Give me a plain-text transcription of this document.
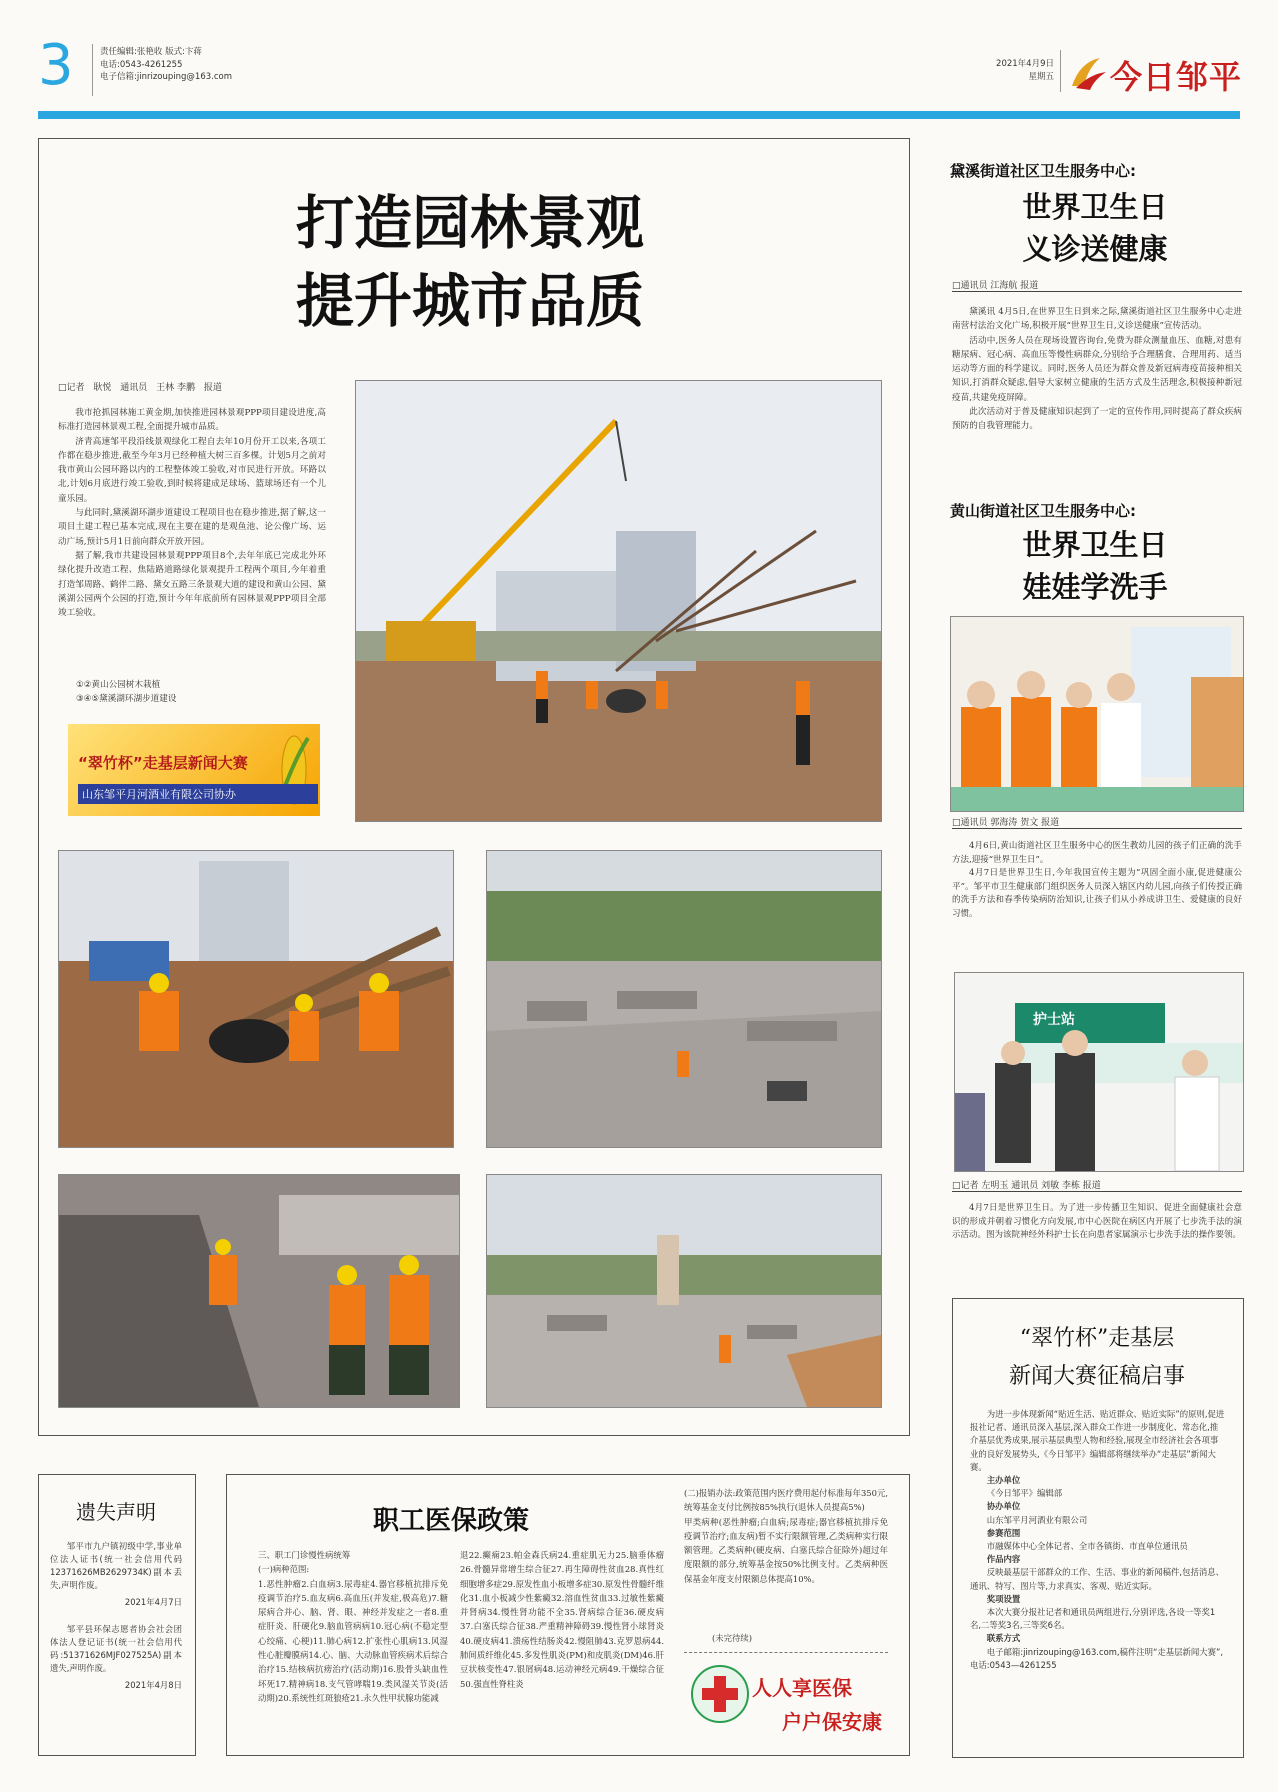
3	责任编辑:张艳收 版式:卞蒋
电话:0543-4261255
电子信箱:jinrizouping@163.com
2021年4月9日
星期五 今日邹平
打造园林景观
提升城市品质
□记者 耿悦 通讯员 王林 李鹏 报道

我市抢抓园林施工黄金期,加快推进园林景观PPP项目建设进度,高标准打造园林景观工程,全面提升城市品质。

济青高速邹平段沿线景观绿化工程自去年10月份开工以来,各项工作都在稳步推进,截至今年3月已经种植大树三百多棵。计划5月之前对我市黄山公园环路以内的工程整体竣工验收,对市民进行开放。环路以北,计划6月底进行竣工验收,到时候将建成足球场、篮球场还有一个儿童乐园。

与此同时,黛溪湖环湖步道建设工程项目也在稳步推进,据了解,这一项目土建工程已基本完成,现在主要在建的是观鱼池、论公像广场、运动广场,预计5月1日前向群众开放开园。

据了解,我市共建设园林景观PPP项目8个,去年年底已完成北外环绿化提升改造工程、焦陆路道路绿化景观提升工程两个项目,今年着重打造邹周路、鹤伴二路、黛女五路三条景观大道的建设和黄山公园、黛溪湖公园两个公园的打造,预计今年年底前所有园林景观PPP项目全部竣工验收。

①②黄山公园树木栽植
③④⑤黛溪湖环湖步道建设
“翠竹杯”走基层新闻大赛
山东邹平月河酒业有限公司协办
黛溪街道社区卫生服务中心:
世界卫生日
义诊送健康
□通讯员 江海航 报道

黛溪讯 4月5日,在世界卫生日到来之际,黛溪街道社区卫生服务中心走进南营村法治文化广场,积极开展“世界卫生日,义诊送健康”宣传活动。

活动中,医务人员在现场设置咨询台,免费为群众测量血压、血糖,对患有糖尿病、冠心病、高血压等慢性病群众,分别给予合理膳食、合理用药、适当运动等方面的科学建议。同时,医务人员还为群众普及新冠病毒疫苗接种相关知识,打消群众疑虑,倡导大家树立健康的生活方式及生活理念,积极接种新冠疫苗,共建免疫屏障。

此次活动对于普及健康知识起到了一定的宣传作用,同时提高了群众疾病预防的自我管理能力。

黄山街道社区卫生服务中心:
世界卫生日
娃娃学洗手
□通讯员 郭海涛 贺文 报道

4月6日,黄山街道社区卫生服务中心的医生教幼儿园的孩子们正确的洗手方法,迎接“世界卫生日”。

4月7日是世界卫生日,今年我国宣传主题为“巩固全面小康,促进健康公平”。邹平市卫生健康部门组织医务人员深入辖区内幼儿园,向孩子们传授正确的洗手方法和春季传染病防治知识,让孩子们从小养成讲卫生、爱健康的良好习惯。

护士站
□记者 左明玉 通讯员 刘敏 李栋 报道

4月7日是世界卫生日。为了进一步传播卫生知识、促进全面健康社会意识的形成并朝着习惯化方向发展,市中心医院在病区内开展了七步洗手法的演示活动。图为该院神经外科护士长在向患者家属演示七步洗手法的操作要领。

“翠竹杯”走基层
新闻大赛征稿启事
为进一步体现新闻“贴近生活、贴近群众、贴近实际”的原则,促进报社记者、通讯员深入基层,深入群众工作进一步制度化、常态化,推介基层优秀成果,展示基层典型人物和经验,展现全市经济社会各项事业的良好发展势头,《今日邹平》编辑部将继续举办“走基层”新闻大赛。
主办单位
《今日邹平》编辑部
协办单位
山东邹平月河酒业有限公司
参赛范围
市融媒体中心全体记者、全市各镇街、市直单位通讯员
作品内容
反映最基层干部群众的工作、生活、事业的新闻稿件,包括消息、通讯、特写、图片等,力求真实、客观、贴近实际。
奖项设置
本次大赛分报社记者和通讯员两组进行,分别评选,各设一等奖1名,二等奖3名,三等奖6名。
联系方式
电子邮箱:jinrizouping@163.com,稿件注明“走基层新闻大赛”,电话:0543—4261255
遗失声明
邹平市九户镇初级中学,事业单位法人证书(统一社会信用代码12371626MB2629734K)副本丢失,声明作废。
2021年4月7日
邹平县环保志愿者协会社会团体法人登记证书(统一社会信用代码:51371626MJF027525A)副本遗失,声明作废。
2021年4月8日
职工医保政策
三、职工门诊慢性病统筹
(一)病种范围:
1.恶性肿瘤2.白血病3.尿毒症4.器官移植抗排斥免疫调节治疗5.血友病6.高血压(并发症,极高危)7.糖尿病合并心、脑、肾、眼、神经并发症之一者8.重症肝炎、肝硬化9.脑血管病病10.冠心病(不稳定型心绞痛、心梗)11.肺心病12.扩张性心肌病13.风湿性心脏瓣膜病14.心、脑、大动脉血管疾病术后综合治疗15.结核病抗痨治疗(活动期)16.股骨头缺血性坏死17.精神病18.支气管哮喘19.类风湿关节炎(活动期)20.系统性红斑狼疮21.永久性甲状腺功能减
退22.癫痫23.帕金森氏病24.重症肌无力25.脑垂体瘤26.骨髓异常增生综合征27.再生障碍性贫血28.真性红细胞增多症29.原发性血小板增多症30.原发性骨髓纤维化31.血小板减少性紫癜32.溶血性贫血33.过敏性紫癜并肾病34.慢性肾功能不全35.肾病综合征36.硬皮病37.白塞氏综合征38.严重精神障碍39.慢性肾小球肾炎40.硬皮病41.溃疡性结肠炎42.慢阻肺43.克罗恩病44.肺间质纤维化45.多发性肌炎(PM)和皮肌炎(DM)46.肝豆状核变性47.银屑病48.运动神经元病49.干燥综合征50.强直性脊柱炎
(二)报销办法:政策范围内医疗费用起付标准每年350元,统筹基金支付比例按85%执行(退休人员提高5%)
甲类病种(恶性肿瘤;白血病;尿毒症;器官移植抗排斥免疫调节治疗;血友病)暂不实行限额管理,乙类病种实行限额管理。乙类病种(硬皮病、白塞氏综合征除外)超过年度限额的部分,统筹基金按50%比例支付。乙类病种医保基金年度支付限额总体提高10%。
(未完待续)
人人享医保
户户保安康
